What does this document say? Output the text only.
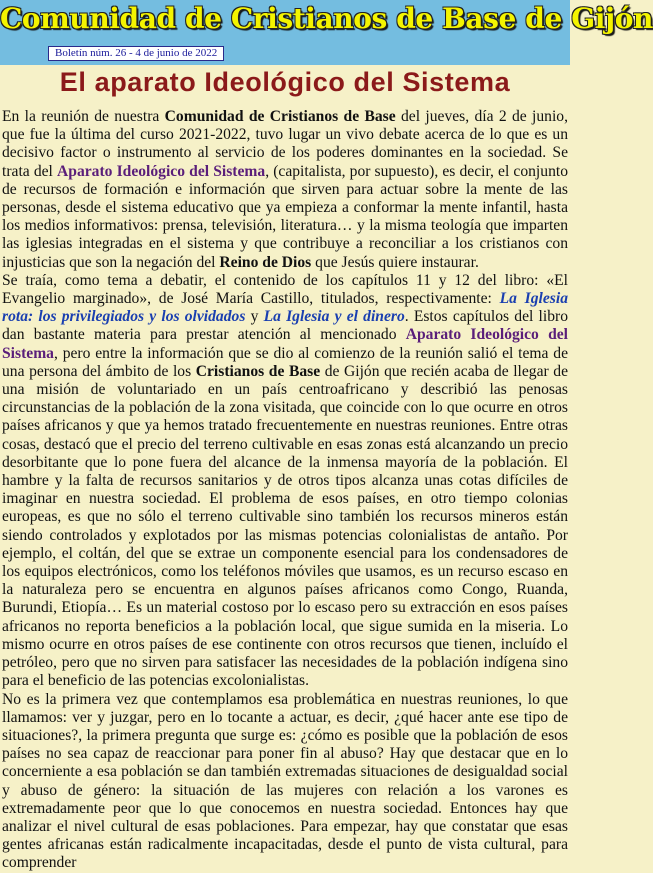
Comunidad de Cristianos de Base de Gijón
Boletín núm. 26 - 4 de junio de 2022
El aparato Ideológico del Sistema

En la reunión de nuestra Comunidad de Cristianos de Base del jueves, día 2 de junio, que fue la última del curso 2021-2022, tuvo lugar un vivo debate acerca de lo que es un decisivo factor o instrumento al servicio de los poderes dominantes en la sociedad. Se trata del Aparato Ideológico del Sistema, (capitalista, por supuesto), es decir, el conjunto de recursos de formación e información que sirven para actuar sobre la mente de las personas, desde el sistema educativo que ya empieza a conformar la mente infantil, hasta los medios informativos: prensa, televisión, literatura… y la misma teología que imparten las iglesias integradas en el sistema y que contribuye a reconciliar a los cristianos con injusticias que son la negación del Reino de Dios que Jesús quiere instaurar.

Se traía, como tema a debatir, el contenido de los capítulos 11 y 12 del libro: «El Evangelio marginado», de José María Castillo, titulados, respectivamente: La Iglesia rota: los privilegiados y los olvidados y La Iglesia y el dinero. Estos capítulos del libro dan bastante materia para prestar atención al mencionado Aparato Ideológico del Sistema, pero entre la información que se dio al comienzo de la reunión salió el tema de una persona del ámbito de los Cristianos de Base de Gijón que recién acaba de llegar de una misión de voluntariado en un país centroafricano y describió las penosas circunstancias de la población de la zona visitada, que coincide con lo que ocurre en otros países africanos y que ya hemos tratado frecuentemente en nuestras reuniones. Entre otras cosas, destacó que el precio del terreno cultivable en esas zonas está alcanzando un precio desorbitante que lo pone fuera del alcance de la inmensa mayoría de la población. El hambre y la falta de recursos sanitarios y de otros tipos alcanza unas cotas difíciles de imaginar en nuestra sociedad. El problema de esos países, en otro tiempo colonias europeas, es que no sólo el terreno cultivable sino también los recursos mineros están siendo controlados y explotados por las mismas potencias colonialistas de antaño. Por ejemplo, el coltán, del que se extrae un componente esencial para los condensadores de los equipos electrónicos, como los teléfonos móviles que usamos, es un recurso escaso en la naturaleza pero se encuentra en algunos países africanos como Congo, Ruanda, Burundi, Etiopía… Es un material costoso por lo escaso pero su extracción en esos países africanos no reporta beneficios a la población local, que sigue sumida en la miseria. Lo mismo ocurre en otros países de ese continente con otros recursos que tienen, incluído el petróleo, pero que no sirven para satisfacer las necesidades de la población indígena sino para el beneficio de las potencias excolonialistas.

No es la primera vez que contemplamos esa problemática en nuestras reuniones, lo que llamamos: ver y juzgar, pero en lo tocante a actuar, es decir, ¿qué hacer ante ese tipo de situaciones?, la primera pregunta que surge es: ¿cómo es posible que la población de esos países no sea capaz de reaccionar para poner fin al abuso? Hay que destacar que en lo concerniente a esa población se dan también extremadas situaciones de desigualdad social y abuso de género: la situación de las mujeres con relación a los varones es extremadamente peor que lo que conocemos en nuestra sociedad. Entonces hay que analizar el nivel cultural de esas poblaciones. Para empezar, hay que constatar que esas gentes africanas están radicalmente incapacitadas, desde el punto de vista cultural, para comprender
